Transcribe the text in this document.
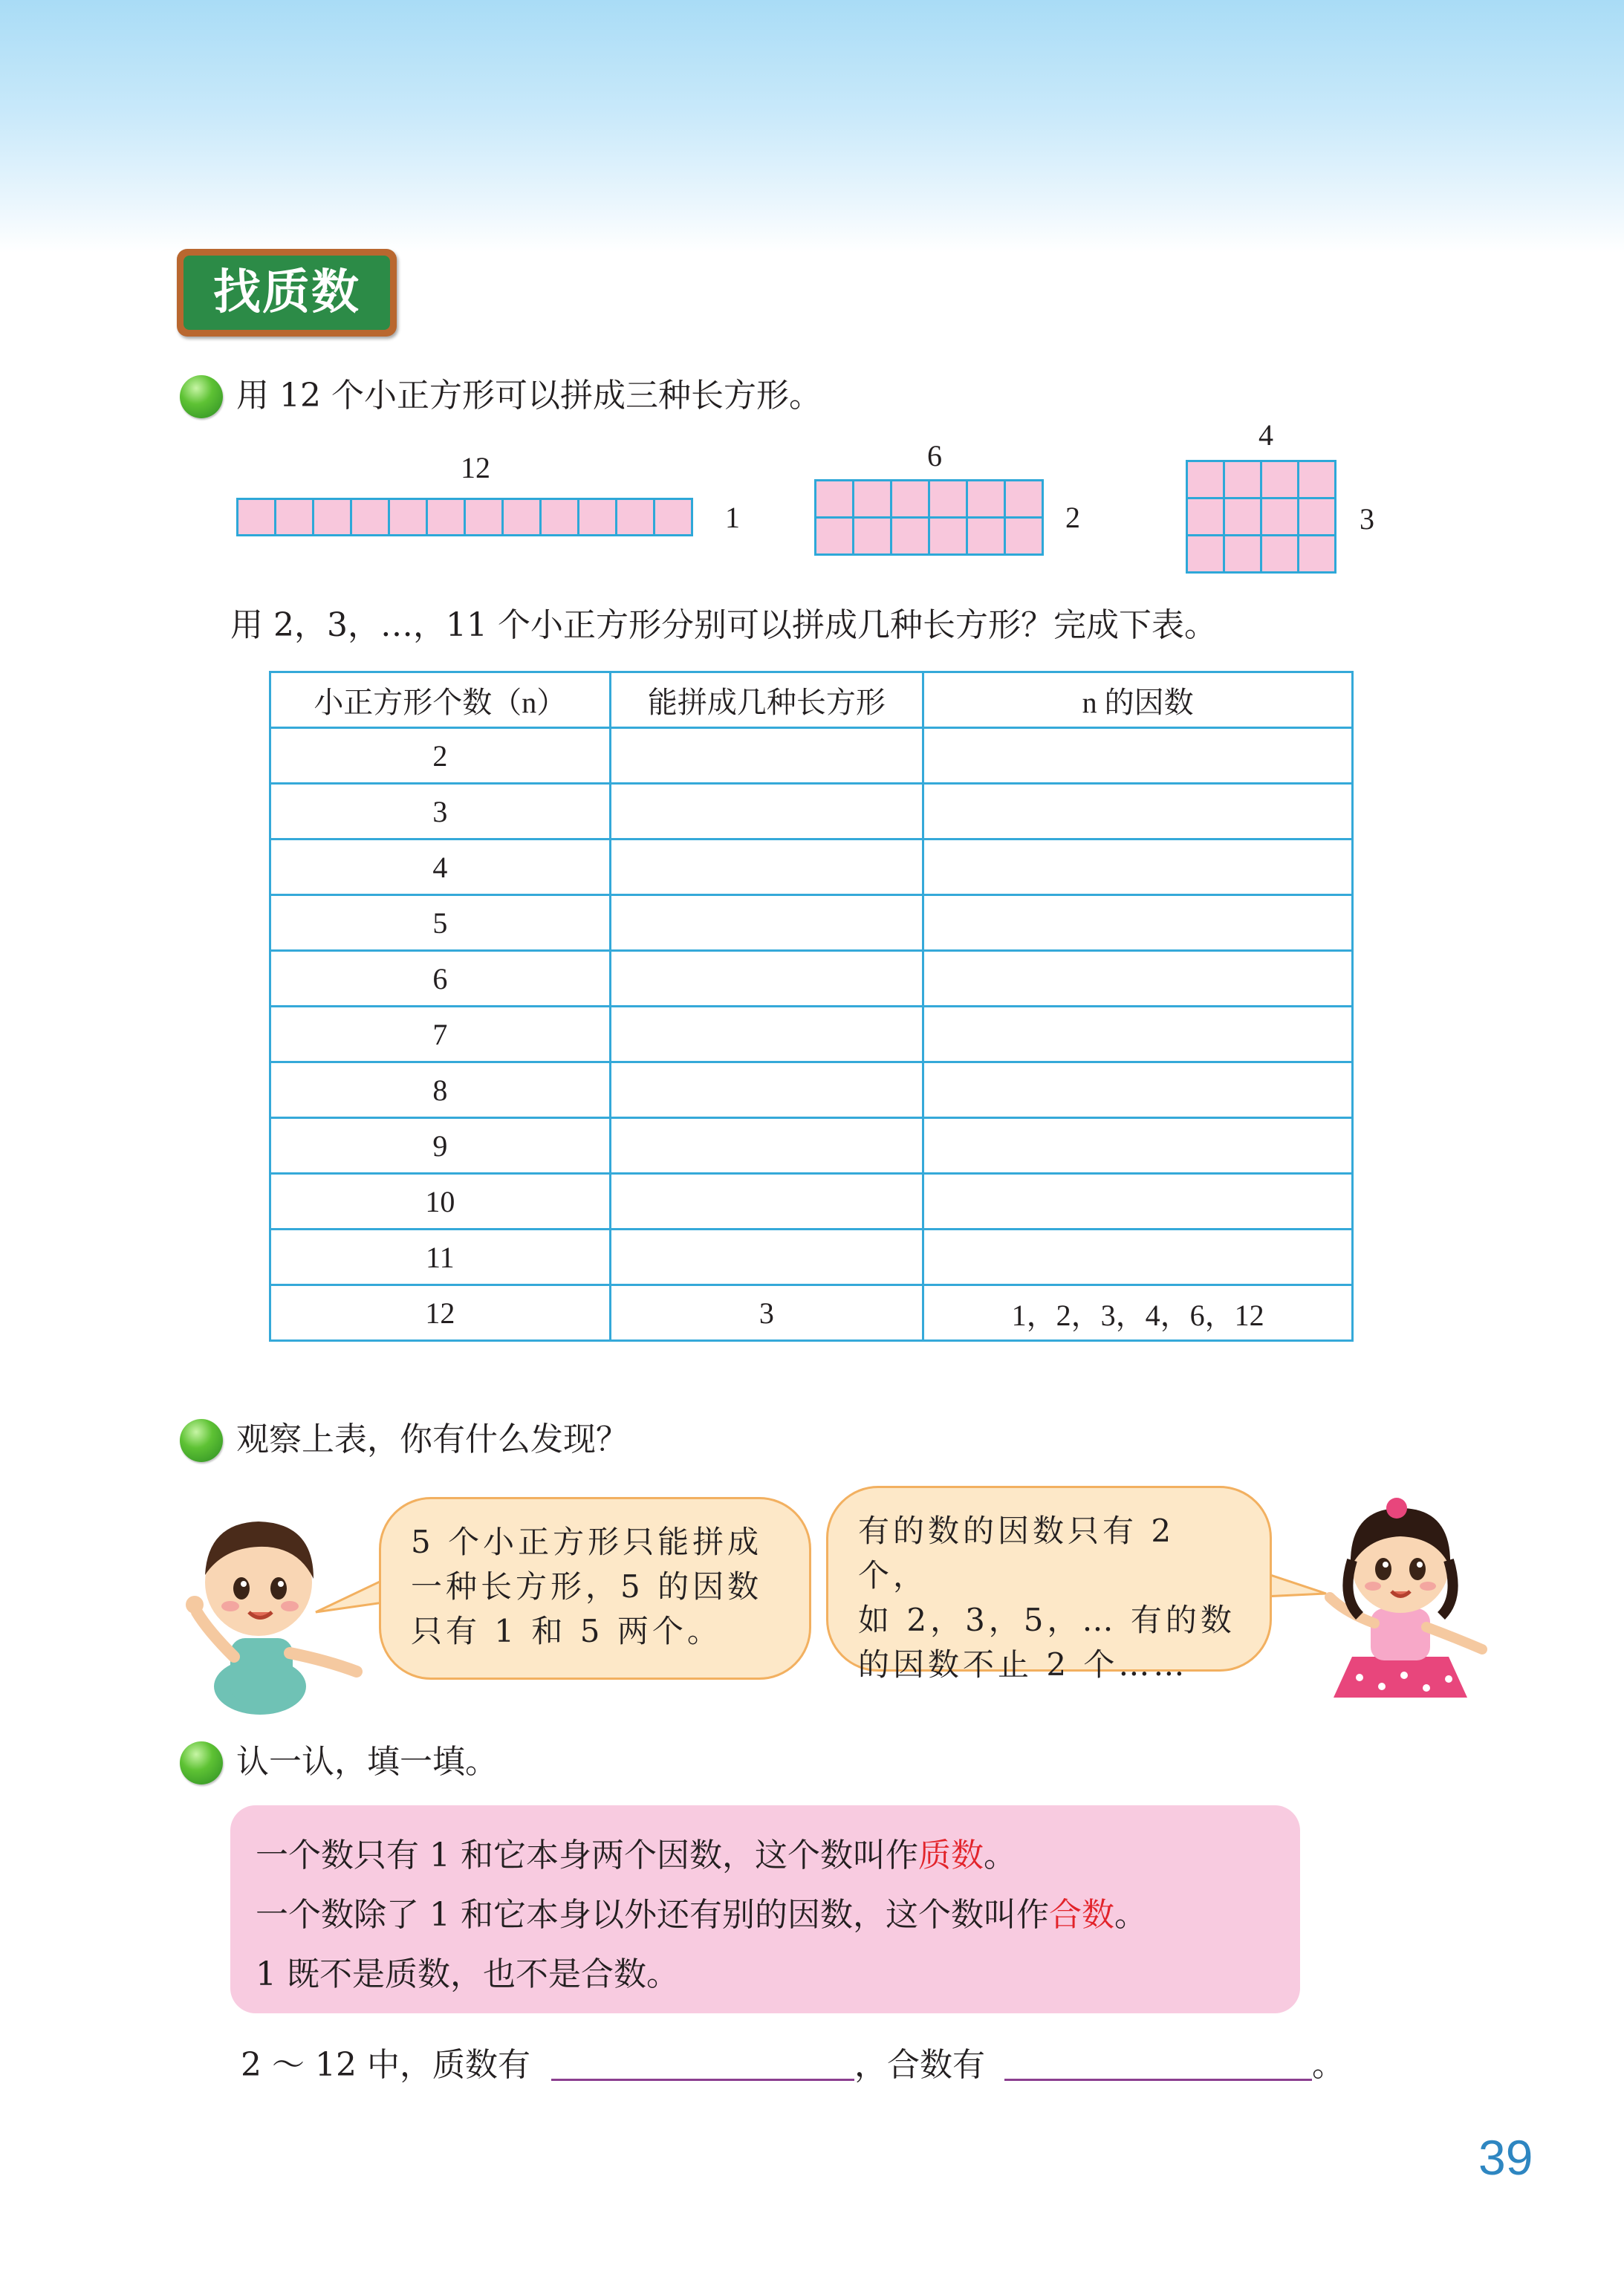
找质数
用 12 个小正方形可以拼成三种长方形。
12

1
6

2
4

3
用 2，3，…，11 个小正方形分别可以拼成几种长方形？完成下表。
小正方形个数（n）	能拼成几种长方形	n 的因数
2		
3		
4		
5		
6		
7		
8		
9		
10		
11		
12	3	1，2，3，4，6，12
观察上表，你有什么发现？
5 个小正方形只能拼成
一种长方形，5 的因数
只有 1 和 5 两个。
有的数的因数只有 2 个，
如 2，3，5，… 有的数
的因数不止 2 个……
认一认，填一填。
一个数只有 1 和它本身两个因数，这个数叫作质数。
一个数除了 1 和它本身以外还有别的因数，这个数叫作合数。
1 既不是质数，也不是合数。
2 ～ 12 中，质数有	，合数有	。
39
